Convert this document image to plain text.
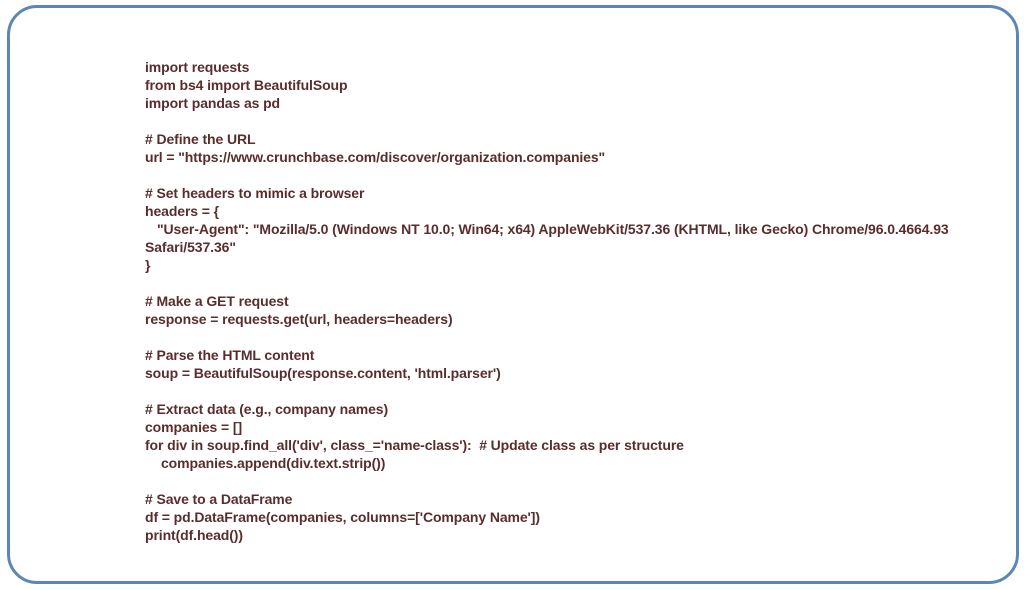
import requests
from bs4 import BeautifulSoup
import pandas as pd
# Define the URL
url = "https://www.crunchbase.com/discover/organization.companies"
# Set headers to mimic a browser
headers = {
"User-Agent": "Mozilla/5.0 (Windows NT 10.0; Win64; x64) AppleWebKit/537.36 (KHTML, like Gecko) Chrome/96.0.4664.93 Safari/537.36"
}
# Make a GET request
response = requests.get(url, headers=headers)
# Parse the HTML content
soup = BeautifulSoup(response.content, 'html.parser')
# Extract data (e.g., company names)
companies = []
for div in soup.find_all('div', class_='name-class'):  # Update class as per structure
companies.append(div.text.strip())
# Save to a DataFrame
df = pd.DataFrame(companies, columns=['Company Name'])
print(df.head())
